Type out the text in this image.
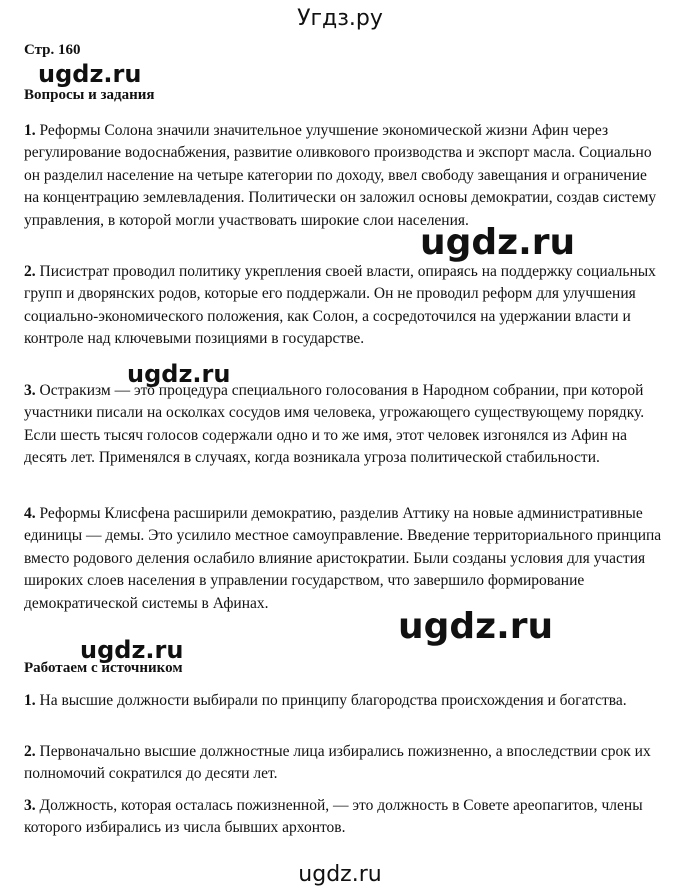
Угдз.ру
Стр. 160
ugdz.ru
Вопросы и задания

1. Реформы Солона значили значительное улучшение экономической жизни Афин через регулирование водоснабжения, развитие оливкового производства и экспорт масла. Социально он разделил население на четыре категории по доходу, ввел свободу завещания и ограничение на концентрацию землевладения. Политически он заложил основы демократии, создав систему управления, в которой могли участвовать широкие слои населения.

ugdz.ru

2. Писистрат проводил политику укрепления своей власти, опираясь на поддержку социальных групп и дворянских родов, которые его поддержали. Он не проводил реформ для улучшения социально-экономического положения, как Солон, а сосредоточился на удержании власти и контроле над ключевыми позициями в государстве.

ugdz.ru

3. Остракизм — это процедура специального голосования в Народном собрании, при которой участники писали на осколках сосудов имя человека, угрожающего существующему порядку. Если шесть тысяч голосов содержали одно и то же имя, этот человек изгонялся из Афин на десять лет. Применялся в случаях, когда возникала угроза политической стабильности.

4. Реформы Клисфена расширили демократию, разделив Аттику на новые административные единицы — демы. Это усилило местное самоуправление. Введение территориального принципа вместо родового деления ослабило влияние аристократии. Были созданы условия для участия широких слоев населения в управлении государством, что завершило формирование демократической системы в Афинах.

ugdz.ru
ugdz.ru
Работаем с источником

1. На высшие должности выбирали по принципу благородства происхождения и богатства.

2. Первоначально высшие должностные лица избирались пожизненно, а впоследствии срок их полномочий сократился до десяти лет.

3. Должность, которая осталась пожизненной, — это должность в Совете ареопагитов, члены которого избирались из числа бывших архонтов.

ugdz.ru
